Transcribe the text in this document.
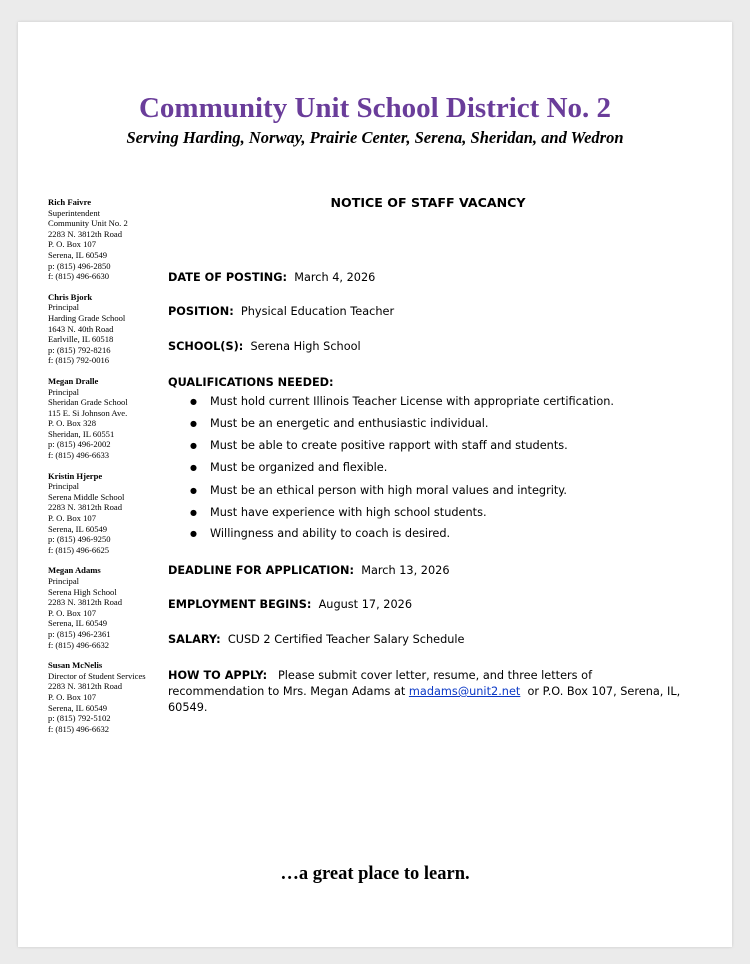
Community Unit School District No. 2
Serving Harding, Norway, Prairie Center, Serena, Sheridan, and Wedron
Rich Faivre
Superintendent
Community Unit No. 2
2283 N. 3812th Road
P. O. Box 107
Serena, IL 60549
p: (815) 496-2850
f: (815) 496-6630
Chris Bjork
Principal
Harding Grade School
1643 N. 40th Road
Earlville, IL 60518
p: (815) 792-8216
f: (815) 792-0016
Megan Dralle
Principal
Sheridan Grade School
115 E. Si Johnson Ave.
P. O. Box 328
Sheridan, IL 60551
p: (815) 496-2002
f: (815) 496-6633
Kristin Hjerpe
Principal
Serena Middle School
2283 N. 3812th Road
P. O. Box 107
Serena, IL 60549
p: (815) 496-9250
f: (815) 496-6625
Megan Adams
Principal
Serena High School
2283 N. 3812th Road
P. O. Box 107
Serena, IL 60549
p: (815) 496-2361
f: (815) 496-6632
Susan McNelis
Director of Student Services
2283 N. 3812th Road
P. O. Box 107
Serena, IL 60549
p: (815) 792-5102
f: (815) 496-6632
NOTICE OF STAFF VACANCY
DATE OF POSTING: March 4, 2026
POSITION: Physical Education Teacher
SCHOOL(S): Serena High School
QUALIFICATIONS NEEDED:
● Must hold current Illinois Teacher License with appropriate certification.
● Must be an energetic and enthusiastic individual.
● Must be able to create positive rapport with staff and students.
● Must be organized and flexible.
● Must be an ethical person with high moral values and integrity.
● Must have experience with high school students.
● Willingness and ability to coach is desired.
DEADLINE FOR APPLICATION: March 13, 2026
EMPLOYMENT BEGINS: August 17, 2026
SALARY: CUSD 2 Certified Teacher Salary Schedule
HOW TO APPLY: Please submit cover letter, resume, and three letters of recommendation to Mrs. Megan Adams at madams@unit2.net or P.O. Box 107, Serena, IL, 60549.
…a great place to learn.
